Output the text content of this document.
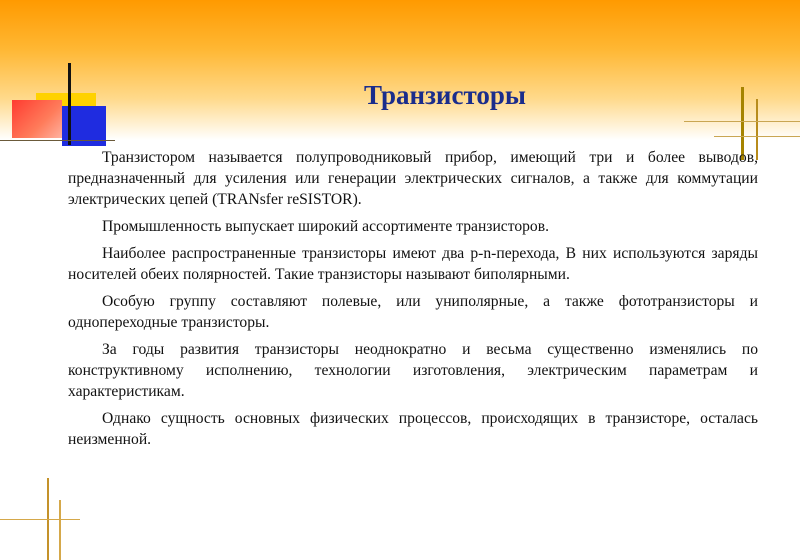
Транзисторы

Транзистором называется полупроводниковый прибор, имеющий три и более выводов, предназначенный для усиления или генерации электрических сигналов, а также для коммутации электрических цепей (TRANsfer reSISTOR).

Промышленность выпускает широкий ассортименте транзисторов.

Наиболее распространенные транзисторы имеют два p-n-перехода, В них используются заряды носителей обеих полярностей. Такие транзисторы называют биполярными.

Особую группу составляют полевые, или униполярные, а также фототранзисторы и однопереходные транзисторы.

За годы развития транзисторы неоднократно и весьма существенно изменялись по конструктивному исполнению, технологии изготовления, электрическим параметрам и характеристикам.

Однако сущность основных физических процессов, происходящих в транзисторе, осталась неизменной.
